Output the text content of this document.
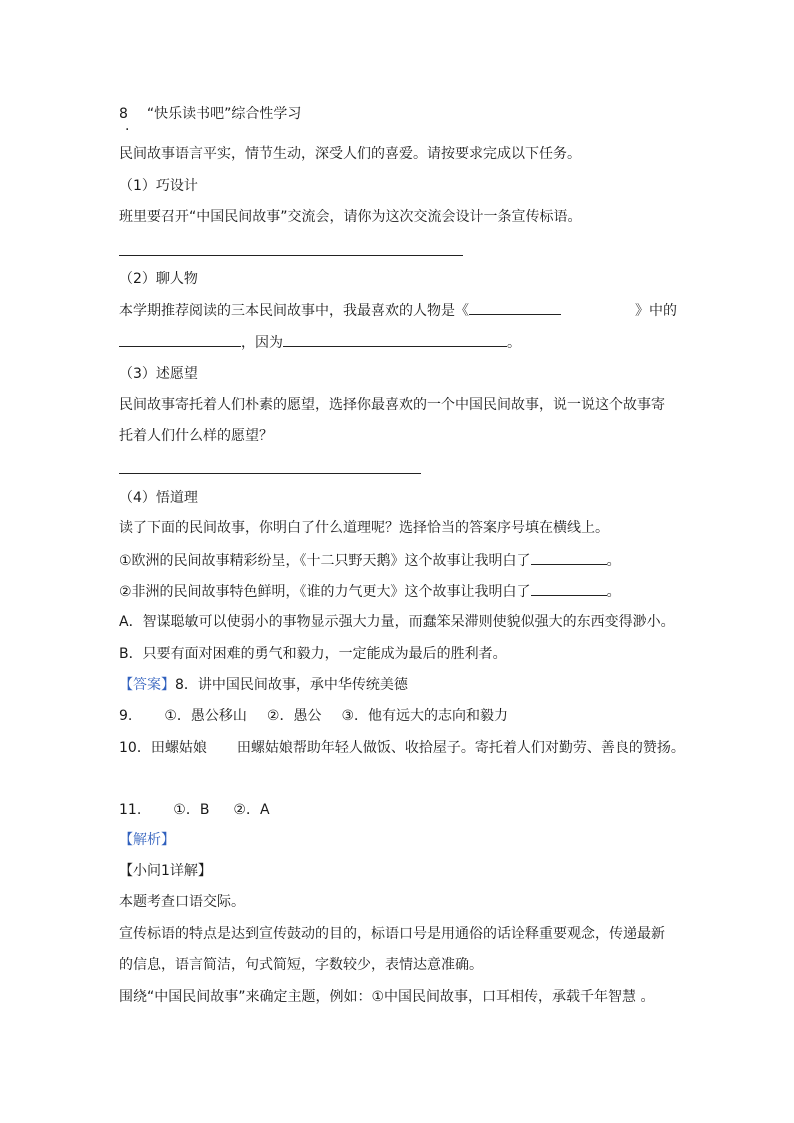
8 “快乐读书吧”综合性学习
.
民间故事语言平实，情节生动，深受人们的喜爱。请按要求完成以下任务。
（1）巧设计
班里要召开“中国民间故事”交流会，请你为这次交流会设计一条宣传标语。
（2）聊人物
本学期推荐阅读的三本民间故事中，我最喜欢的人物是《	》中的
，因为	。
（3）述愿望
民间故事寄托着人们朴素的愿望，选择你最喜欢的一个中国民间故事，说一说这个故事寄
托着人们什么样的愿望？
（4）悟道理
读了下面的民间故事，你明白了什么道理呢？选择恰当的答案序号填在横线上。
①欧洲的民间故事精彩纷呈，《十二只野天鹅》这个故事让我明白了	。
②非洲的民间故事特色鲜明，《谁的力气更大》这个故事让我明白了	。
A．智谋聪敏可以使弱小的事物显示强大力量，而蠢笨呆滞则使貌似强大的东西变得渺小。
B．只要有面对困难的勇气和毅力，一定能成为最后的胜利者。
【答案】8．讲中国民间故事，承中华传统美德
9. ①．愚公移山 ②．愚公 ③．他有远大的志向和毅力
10．田螺姑娘 田螺姑娘帮助年轻人做饭、收拾屋子。寄托着人们对勤劳、善良的赞扬。
11. ①．B ②．A
【解析】
【小问1详解】
本题考查口语交际。
宣传标语的特点是达到宣传鼓动的目的，标语口号是用通俗的话诠释重要观念，传递最新
的信息，语言简洁，句式简短，字数较少，表情达意准确。
围绕“中国民间故事”来确定主题，例如：①中国民间故事，口耳相传，承载千年智慧 。
